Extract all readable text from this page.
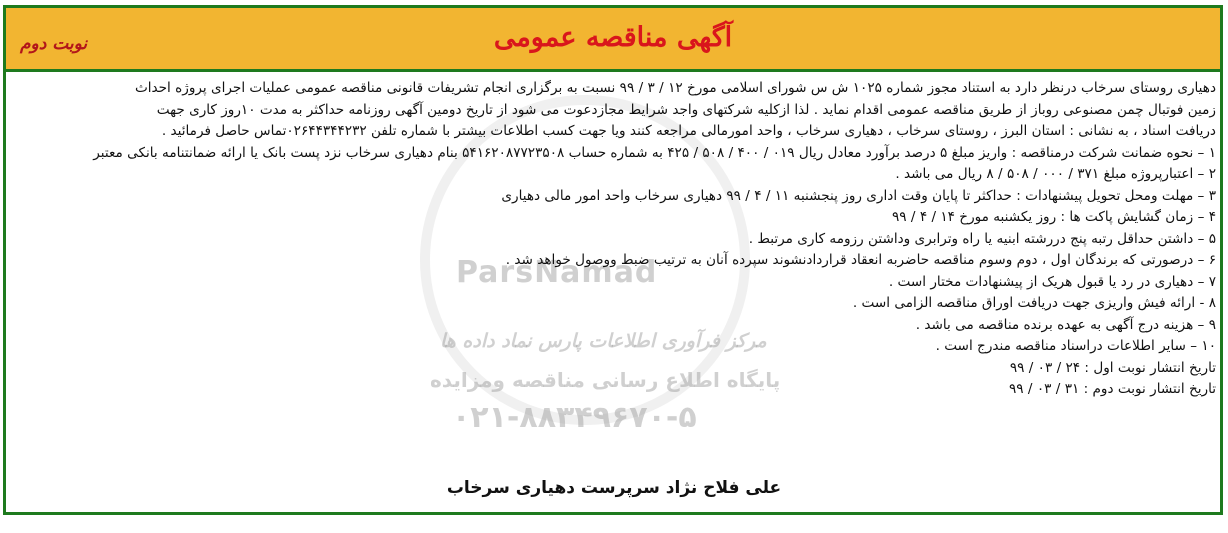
آگهی مناقصه عمومی
نوبت دوم
ParsNamad
مرکز فرآوری اطلاعات پارس نماد داده ها
پایگاه اطلاع رسانی مناقصه ومزایده
۰۲۱-۸۸۳۴۹۶۷۰-۵

دهیاری روستای سرخاب درنظر دارد به استناد مجوز شماره ۱۰۲۵ ش س شورای اسلامی مورخ ۱۲ / ۳ / ۹۹ نسبت به برگزاری انجام تشریفات قانونی مناقصه عمومی عملیات اجرای پروژه احداث

زمین فوتبال چمن مصنوعی روباز از طریق مناقصه عمومی اقدام نماید . لذا ازکلیه شرکتهای واجد شرایط مجازدعوت می شود از تاریخ دومین آگهی روزنامه حداکثر به مدت ۱۰روز کاری جهت

دریافت اسناد ، به نشانی : استان البرز ، روستای سرخاب ، دهیاری سرخاب ، واحد امورمالی مراجعه کنند ویا جهت کسب اطلاعات بیشتر با شماره تلفن ۰۲۶۴۴۳۴۴۲۳۲تماس حاصل فرمائید .

۱ – نحوه ضمانت شرکت درمناقصه : واریز مبلغ ۵ درصد برآورد معادل ریال ۰۱۹ / ۴۰۰ / ۵۰۸ / ۴۲۵ به شماره حساب ۵۴۱۶۲۰۸۷۷۲۳۵۰۸ بنام دهیاری سرخاب نزد پست بانک یا ارائه ضمانتنامه بانکی معتبر

۲ – اعتبارپروژه مبلغ ۳۷۱ / ۰۰۰ / ۵۰۸ / ۸ ریال می باشد .

۳ – مهلت ومحل تحویل پیشنهادات : حداکثر تا پایان وقت اداری روز پنجشنبه ۱۱ / ۴ / ۹۹ دهیاری سرخاب واحد امور مالی دهیاری

۴ – زمان گشایش پاکت ها : روز یکشنبه مورخ ۱۴ / ۴ / ۹۹

۵ – داشتن حداقل رتبه پنج دررشته ابنیه یا راه وترابری وداشتن رزومه کاری مرتبط .

۶ – درصورتی که برندگان اول ، دوم وسوم مناقصه حاضربه انعقاد قراردادنشوند سپرده آنان به ترتیب ضبط ووصول خواهد شد .

۷ – دهیاری در رد یا قبول هریک از پیشنهادات مختار است .

۸ - ارائه فیش واریزی جهت دریافت اوراق مناقصه الزامی است .

۹ – هزینه درج آگهی به عهده برنده مناقصه می باشد .

۱۰ – سایر اطلاعات دراسناد مناقصه مندرج است .

تاریخ انتشار نوبت اول : ۲۴ / ۰۳ / ۹۹

تاریخ انتشار نوبت دوم : ۳۱ / ۰۳ / ۹۹

علی فلاح نژاد سرپرست دهیاری سرخاب
